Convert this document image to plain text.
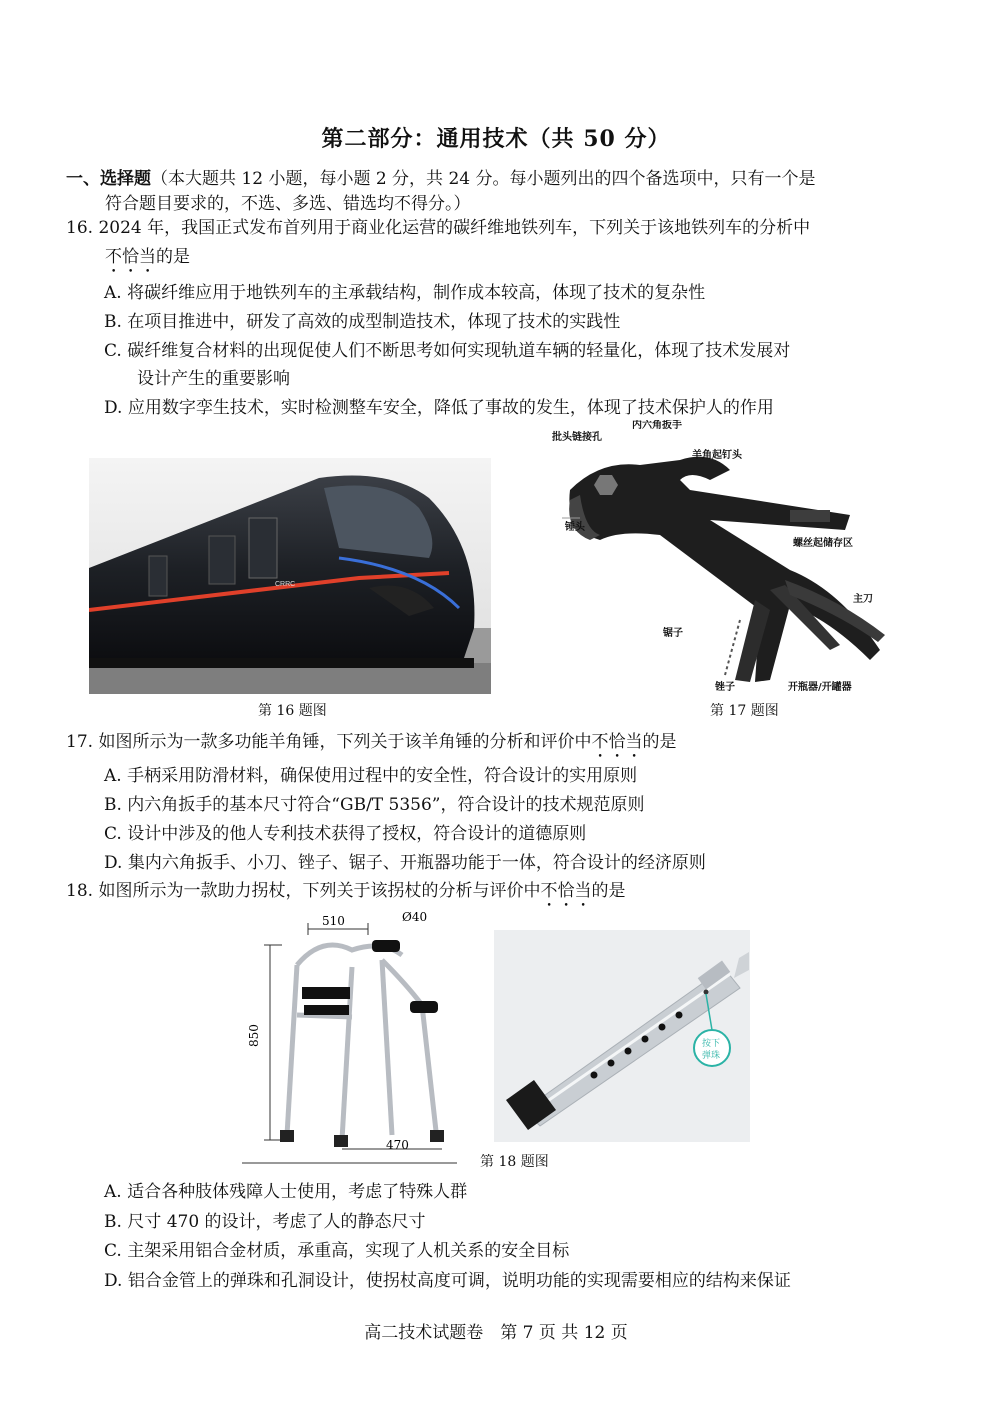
第二部分：通用技术（共 50 分）
一、选择题（本大题共 12 小题，每小题 2 分，共 24 分。每小题列出的四个备选项中，只有一个是
符合题目要求的，不选、多选、错选均不得分。）
16. 2024 年，我国正式发布首列用于商业化运营的碳纤维地铁列车，下列关于该地铁列车的分析中
不恰当的是
A. 将碳纤维应用于地铁列车的主承载结构，制作成本较高，体现了技术的复杂性
B. 在项目推进中，研发了高效的成型制造技术，体现了技术的实践性
C. 碳纤维复合材料的出现促使人们不断思考如何实现轨道车辆的轻量化，体现了技术发展对
设计产生的重要影响
D. 应用数字孪生技术，实时检测整车安全，降低了事故的发生，体现了技术保护人的作用
CRRC
第 16 题图
锤头
批头链接孔
内六角扳手
羊角起钉头
螺丝起储存区
主刀
锯子
锉子	开瓶器/开罐器
第 17 题图
17. 如图所示为一款多功能羊角锤，下列关于该羊角锤的分析和评价中不恰当的是
A. 手柄采用防滑材料，确保使用过程中的安全性，符合设计的实用原则
B. 内六角扳手的基本尺寸符合“GB/T 5356”，符合设计的技术规范原则
C. 设计中涉及的他人专利技术获得了授权，符合设计的道德原则
D. 集内六角扳手、小刀、锉子、锯子、开瓶器功能于一体，符合设计的经济原则
18. 如图所示为一款助力拐杖，下列关于该拐杖的分析与评价中不恰当的是
510	Ø40
850
470
按下
弹珠
第 18 题图
A. 适合各种肢体残障人士使用，考虑了特殊人群
B. 尺寸 470 的设计，考虑了人的静态尺寸
C. 主架采用铝合金材质，承重高，实现了人机关系的安全目标
D. 铝合金管上的弹珠和孔洞设计，使拐杖高度可调，说明功能的实现需要相应的结构来保证
高二技术试题卷　第 7 页 共 12 页
